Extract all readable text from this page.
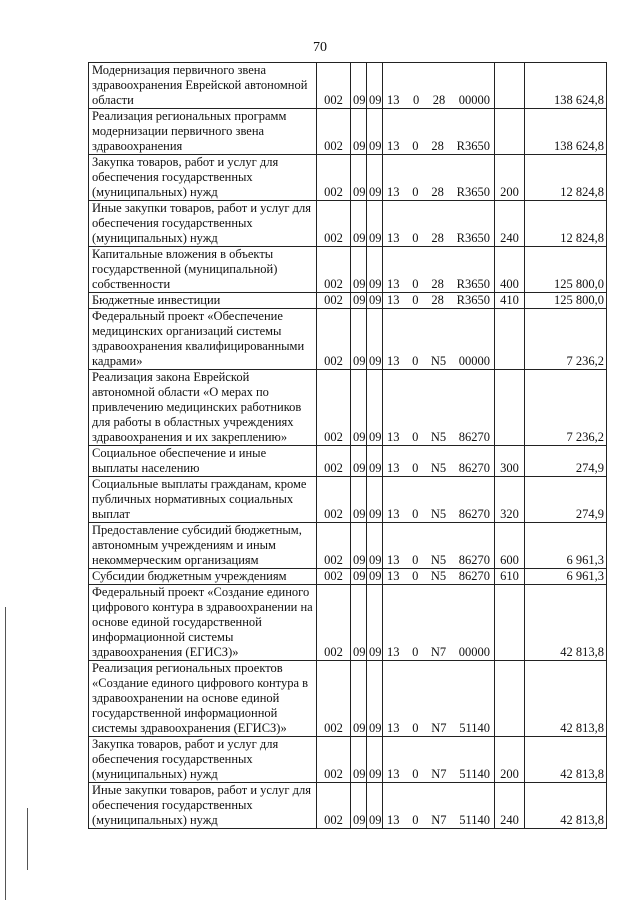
70
Модернизация первичного звена здравоохранения Еврейской автономной области	002	09	09	13 0 28 00000		138 624,8
Реализация региональных программ модернизации первичного звена здравоохранения	002	09	09	13 0 28 R3650		138 624,8
Закупка товаров, работ и услуг для обеспечения государственных (муниципальных) нужд	002	09	09	13 0 28 R3650	200	12 824,8
Иные закупки товаров, работ и услуг для обеспечения государственных (муниципальных) нужд	002	09	09	13 0 28 R3650	240	12 824,8
Капитальные вложения в объекты государственной (муниципальной) собственности	002	09	09	13 0 28 R3650	400	125 800,0
Бюджетные инвестиции	002	09	09	13 0 28 R3650	410	125 800,0
Федеральный проект «Обеспечение медицинских организаций системы здравоохранения квалифицированными кадрами»	002	09	09	13 0 N5 00000		7 236,2
Реализация закона Еврейской автономной области «О мерах по привлечению медицинских работников для работы в областных учреждениях здравоохранения и их закреплению»	002	09	09	13 0 N5 86270		7 236,2
Социальное обеспечение и иные выплаты населению	002	09	09	13 0 N5 86270	300	274,9
Социальные выплаты гражданам, кроме публичных нормативных социальных выплат	002	09	09	13 0 N5 86270	320	274,9
Предоставление субсидий бюджетным, автономным учреждениям и иным некоммерческим организациям	002	09	09	13 0 N5 86270	600	6 961,3
Субсидии бюджетным учреждениям	002	09	09	13 0 N5 86270	610	6 961,3
Федеральный проект «Создание единого цифрового контура в здравоохранении на основе единой государственной информационной системы здравоохранения (ЕГИСЗ)»	002	09	09	13 0 N7 00000		42 813,8
Реализация региональных проектов «Создание единого цифрового контура в здравоохранении на основе единой государственной информационной системы здравоохранения (ЕГИСЗ)»	002	09	09	13 0 N7 51140		42 813,8
Закупка товаров, работ и услуг для обеспечения государственных (муниципальных) нужд	002	09	09	13 0 N7 51140	200	42 813,8
Иные закупки товаров, работ и услуг для обеспечения государственных (муниципальных) нужд	002	09	09	13 0 N7 51140	240	42 813,8
